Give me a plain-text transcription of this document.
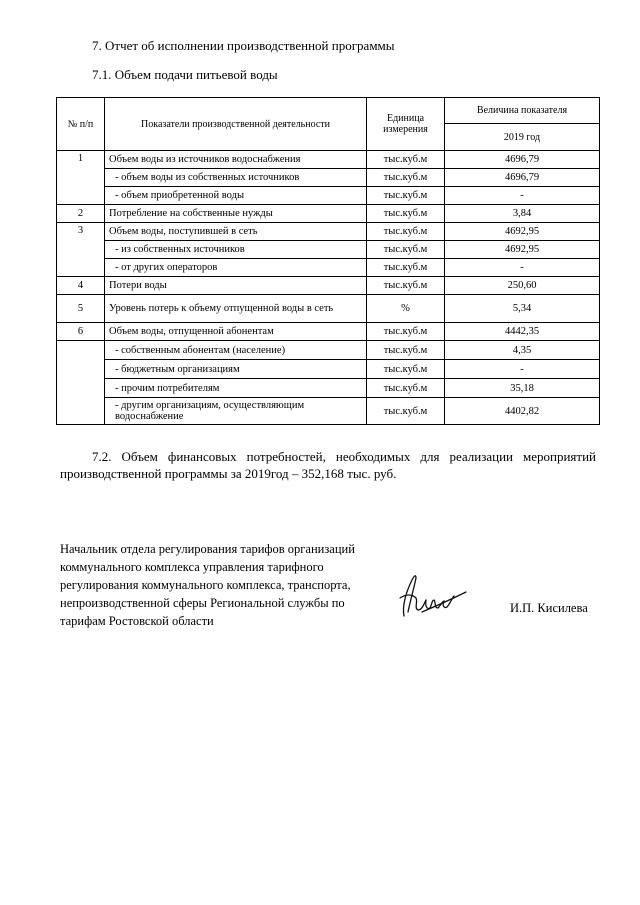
7. Отчет об исполнении производственной программы
7.1. Объем подачи питьевой воды
№ п/п	Показатели производственной деятельности	Единица измерения	Величина показателя
			2019 год
1	Объем воды из источников водоснабжения	тыс.куб.м	4696,79
	- объем воды из собственных источников	тыс.куб.м	4696,79
	- объем приобретенной воды	тыс.куб.м	-
2	Потребление на собственные нужды	тыс.куб.м	3,84
3	Объем воды, поступившей в сеть	тыс.куб.м	4692,95
	- из собственных источников	тыс.куб.м	4692,95
	- от других операторов	тыс.куб.м	-
4	Потери воды	тыс.куб.м	250,60
5	Уровень потерь к объему отпущенной воды в сеть	%	5,34
6	Объем воды, отпущенной абонентам	тыс.куб.м	4442,35
	- собственным абонентам (население)	тыс.куб.м	4,35
	- бюджетным организациям	тыс.куб.м	-
	- прочим потребителям	тыс.куб.м	35,18
	- другим организациям, осуществляющим водоснабжение	тыс.куб.м	4402,82
7.2. Объем финансовых потребностей, необходимых для реализации мероприятий производственной программы за 2019год – 352,168 тыс. руб.
Начальник отдела регулирования тарифов организаций
коммунального комплекса управления тарифного
регулирования коммунального комплекса, транспорта,
непроизводственной сферы Региональной службы по
тарифам Ростовской области
И.П. Кисилева
